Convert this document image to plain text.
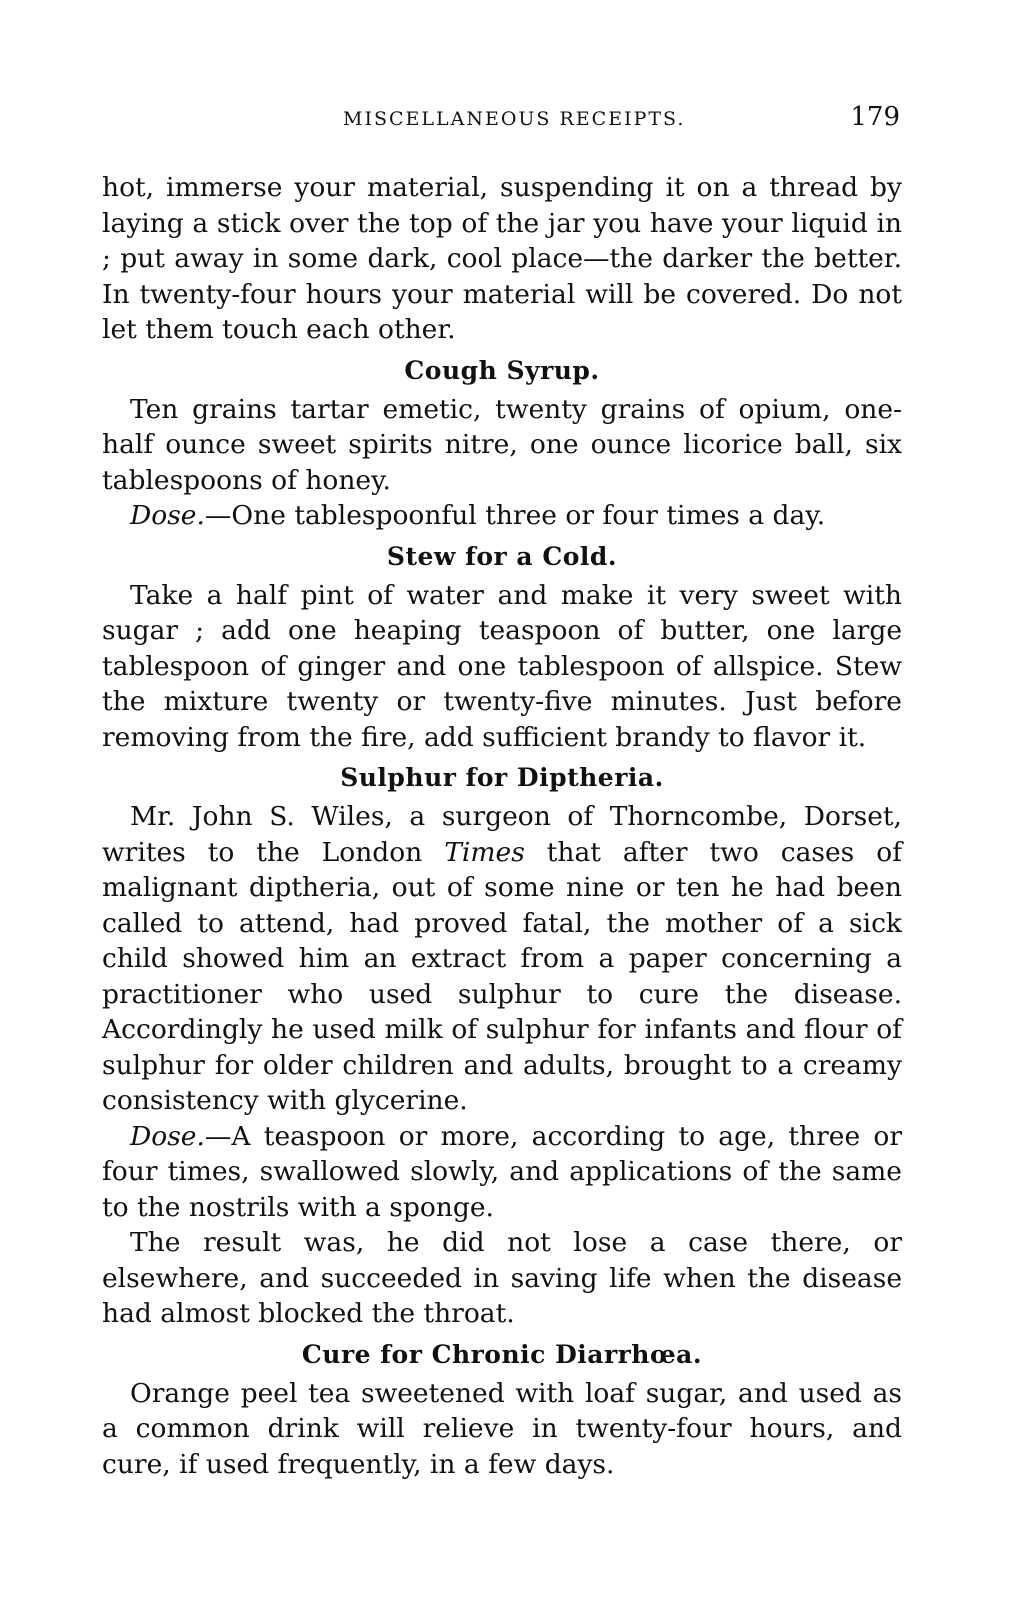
MISCELLANEOUS RECEIPTS.	179

hot, immerse your material, suspending it on a thread by laying a stick over the top of the jar you have your liquid in ; put away in some dark, cool place—the darker the better. In twenty-four hours your material will be covered. Do not let them touch each other.

Cough Syrup.

Ten grains tartar emetic, twenty grains of opium, one-half ounce sweet spirits nitre, one ounce licorice ball, six tablespoons of honey.

Dose.—One tablespoonful three or four times a day.

Stew for a Cold.

Take a half pint of water and make it very sweet with sugar ; add one heaping teaspoon of butter, one large tablespoon of ginger and one tablespoon of allspice. Stew the mixture twenty or twenty-five minutes. Just before removing from the fire, add sufficient brandy to flavor it.

Sulphur for Diptheria.

Mr. John S. Wiles, a surgeon of Thorncombe, Dorset, writes to the London Times that after two cases of malignant diptheria, out of some nine or ten he had been called to attend, had proved fatal, the mother of a sick child showed him an extract from a paper concerning a practitioner who used sulphur to cure the disease. Accordingly he used milk of sulphur for infants and flour of sulphur for older children and adults, brought to a creamy consistency with glycerine.

Dose.—A teaspoon or more, according to age, three or four times, swallowed slowly, and applications of the same to the nostrils with a sponge.

The result was, he did not lose a case there, or elsewhere, and succeeded in saving life when the disease had almost blocked the throat.

Cure for Chronic Diarrhœa.

Orange peel tea sweetened with loaf sugar, and used as a common drink will relieve in twenty-four hours, and cure, if used frequently, in a few days.
